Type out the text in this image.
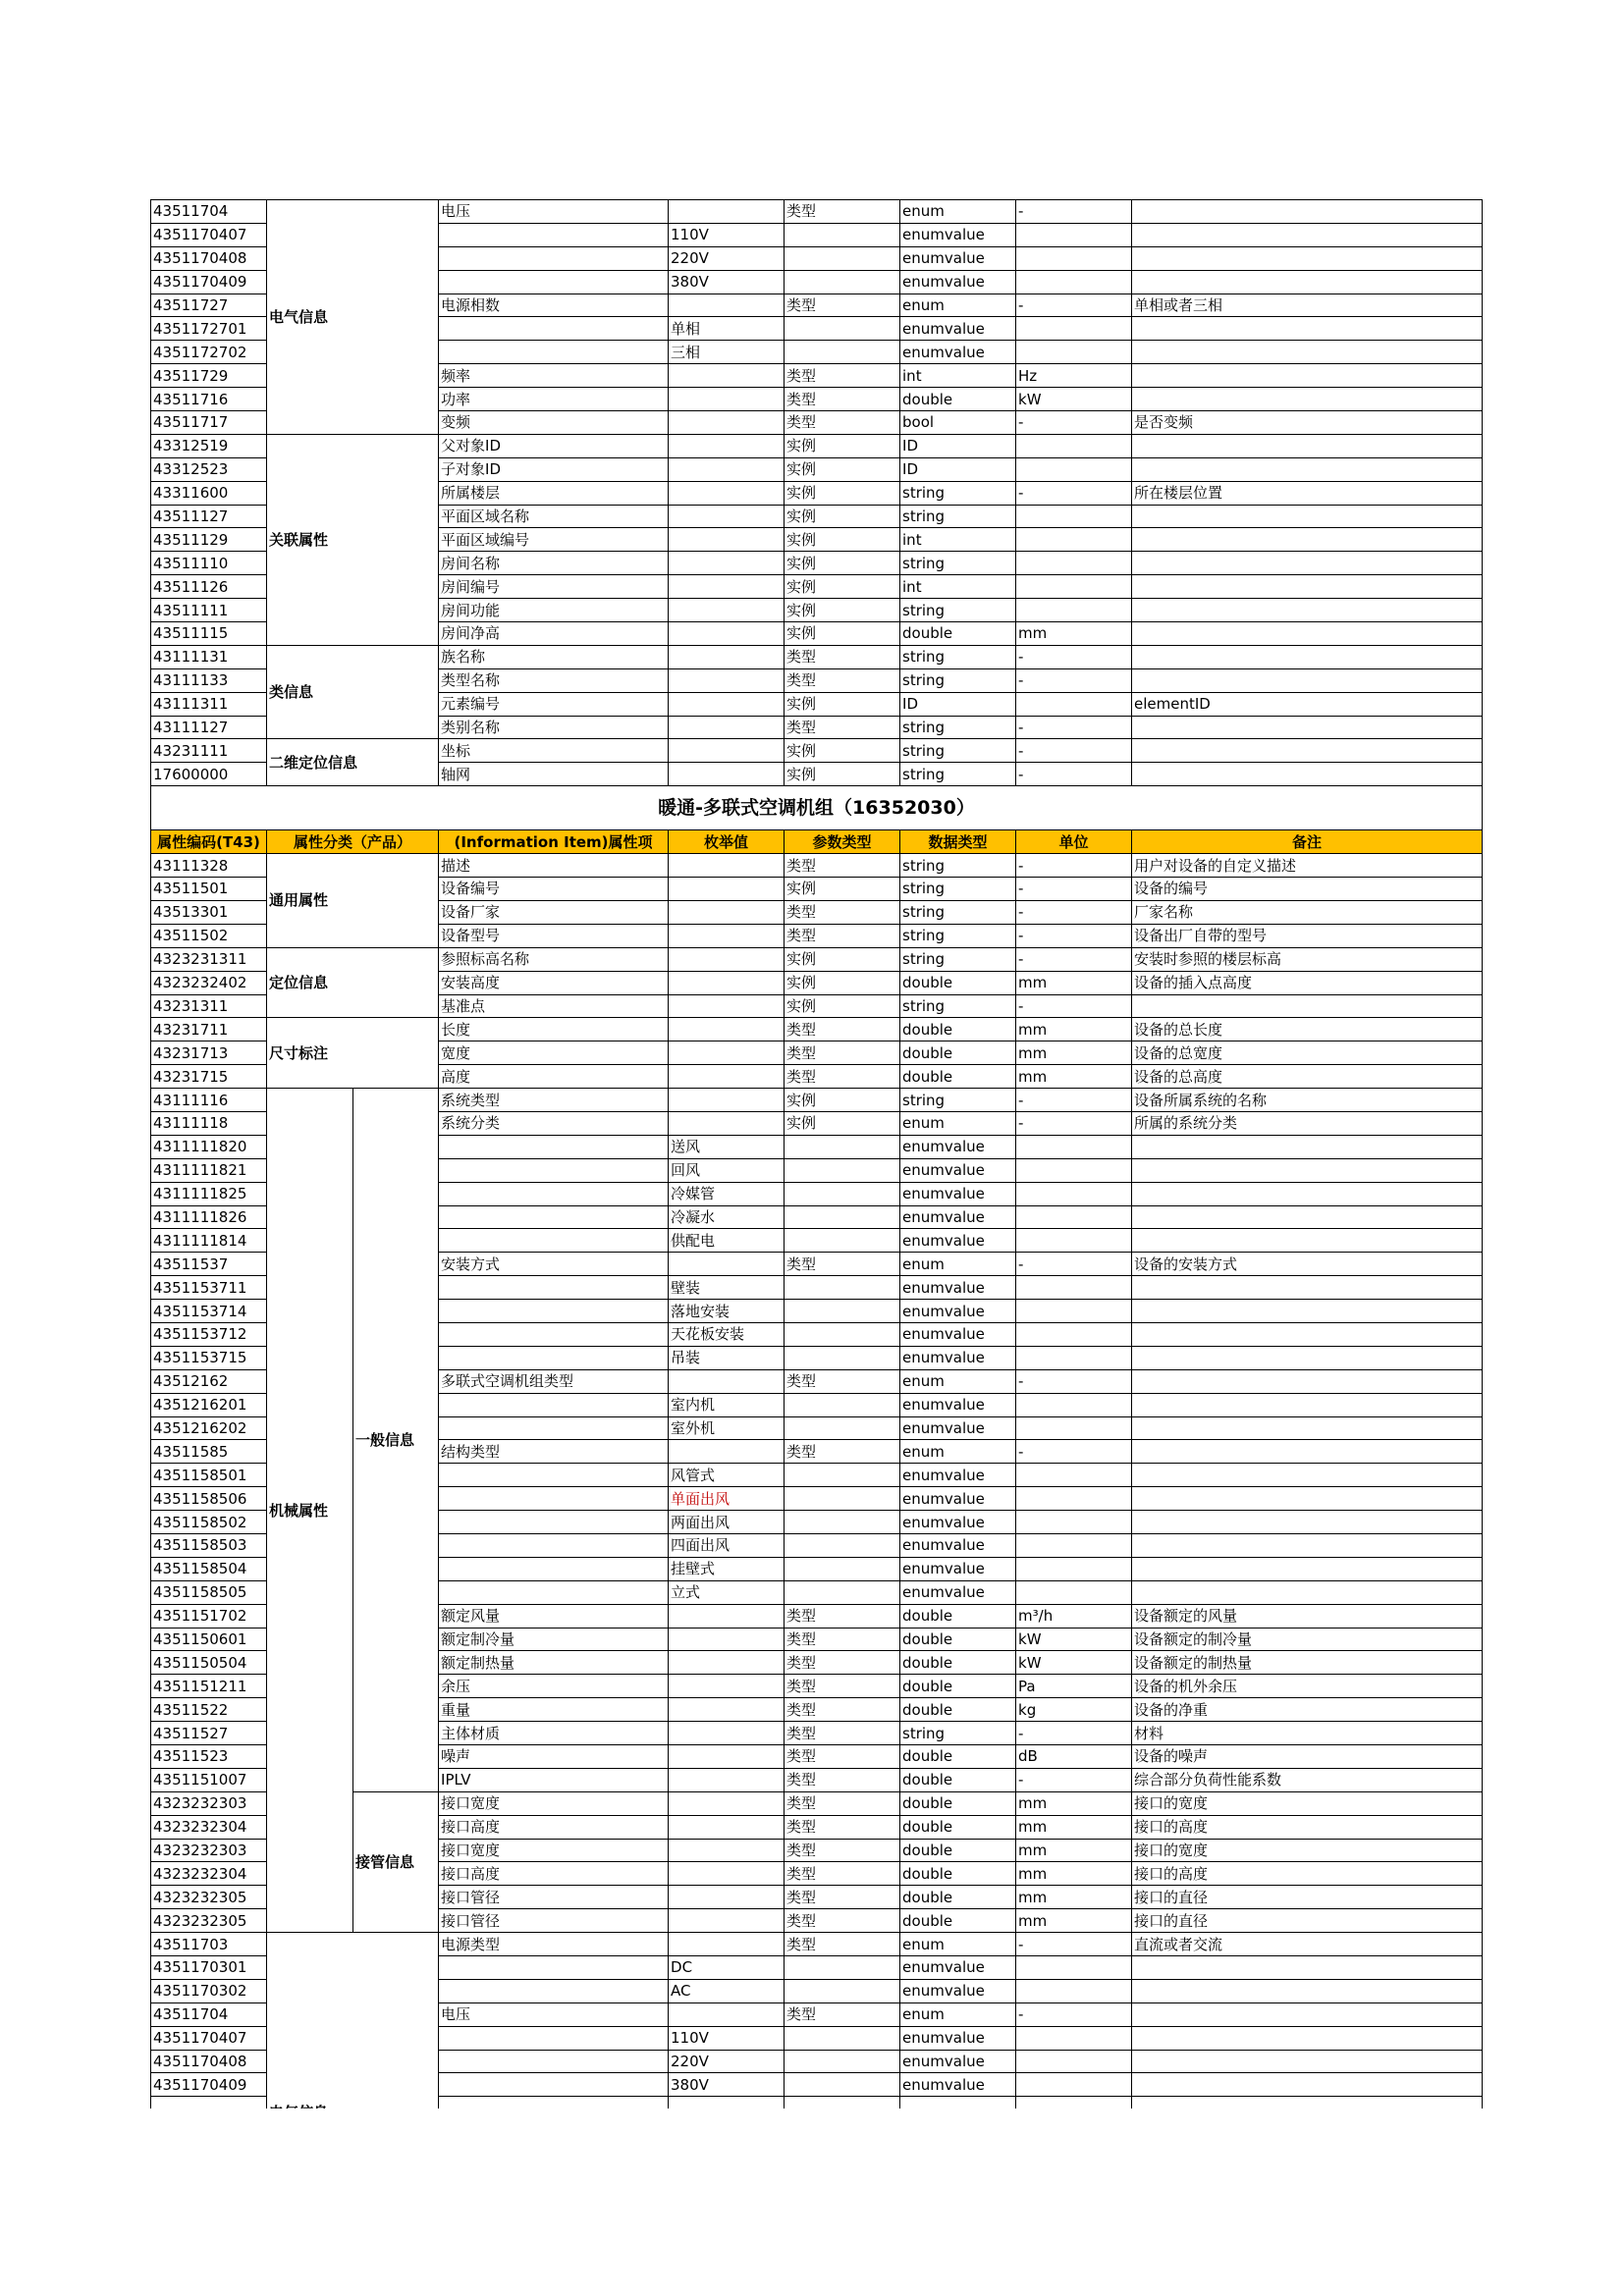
43511704	电气信息		电压		类型	enum	-	
4351170407				110V		enumvalue		
4351170408				220V		enumvalue		
4351170409				380V		enumvalue		
43511727			电源相数		类型	enum	-	单相或者三相
4351172701				单相		enumvalue		
4351172702				三相		enumvalue		
43511729			频率		类型	int	Hz	
43511716			功率		类型	double	kW	
43511717			变频		类型	bool	-	是否变频
43312519	关联属性		父对象ID		实例	ID		
43312523			子对象ID		实例	ID		
43311600			所属楼层		实例	string	-	所在楼层位置
43511127			平面区域名称		实例	string		
43511129			平面区域编号		实例	int		
43511110			房间名称		实例	string		
43511126			房间编号		实例	int		
43511111			房间功能		实例	string		
43511115			房间净高		实例	double	mm	
43111131	类信息		族名称		类型	string	-	
43111133			类型名称		类型	string	-	
43111311			元素编号		实例	ID		elementID
43111127			类别名称		类型	string	-	
43231111	二维定位信息		坐标		实例	string	-	
17600000			轴网		实例	string	-	
暖通-多联式空调机组（16352030）								
属性编码(T43)	属性分类（产品）		(Information Item)属性项	枚举值	参数类型	数据类型	单位	备注
43111328	通用属性		描述		类型	string	-	用户对设备的自定义描述
43511501			设备编号		实例	string	-	设备的编号
43513301			设备厂家		类型	string	-	厂家名称
43511502			设备型号		类型	string	-	设备出厂自带的型号
4323231311	定位信息		参照标高名称		实例	string	-	安装时参照的楼层标高
4323232402			安装高度		实例	double	mm	设备的插入点高度
43231311			基准点		实例	string	-	
43231711	尺寸标注		长度		类型	double	mm	设备的总长度
43231713			宽度		类型	double	mm	设备的总宽度
43231715			高度		类型	double	mm	设备的总高度
43111116	机械属性	一般信息	系统类型		实例	string	-	设备所属系统的名称
43111118			系统分类		实例	enum	-	所属的系统分类
4311111820				送风		enumvalue		
4311111821				回风		enumvalue		
4311111825				冷媒管		enumvalue		
4311111826				冷凝水		enumvalue		
4311111814				供配电		enumvalue		
43511537			安装方式		类型	enum	-	设备的安装方式
4351153711				壁装		enumvalue		
4351153714				落地安装		enumvalue		
4351153712				天花板安装		enumvalue		
4351153715				吊装		enumvalue		
43512162			多联式空调机组类型		类型	enum	-	
4351216201				室内机		enumvalue		
4351216202				室外机		enumvalue		
43511585			结构类型		类型	enum	-	
4351158501				风管式		enumvalue		
4351158506				单面出风		enumvalue		
4351158502				两面出风		enumvalue		
4351158503				四面出风		enumvalue		
4351158504				挂壁式		enumvalue		
4351158505				立式		enumvalue		
4351151702			额定风量		类型	double	m³/h	设备额定的风量
4351150601			额定制冷量		类型	double	kW	设备额定的制冷量
4351150504			额定制热量		类型	double	kW	设备额定的制热量
4351151211			余压		类型	double	Pa	设备的机外余压
43511522			重量		类型	double	kg	设备的净重
43511527			主体材质		类型	string	-	材料
43511523			噪声		类型	double	dB	设备的噪声
4351151007			IPLV		类型	double	-	综合部分负荷性能系数
4323232303		接管信息	接口宽度		类型	double	mm	接口的宽度
4323232304			接口高度		类型	double	mm	接口的高度
4323232303			接口宽度		类型	double	mm	接口的宽度
4323232304			接口高度		类型	double	mm	接口的高度
4323232305			接口管径		类型	double	mm	接口的直径
4323232305			接口管径		类型	double	mm	接口的直径
43511703			电源类型		类型	enum	-	直流或者交流
4351170301				DC		enumvalue		
4351170302				AC		enumvalue		
43511704			电压		类型	enum	-	
4351170407				110V		enumvalue		
4351170408				220V		enumvalue		
4351170409				380V		enumvalue		
